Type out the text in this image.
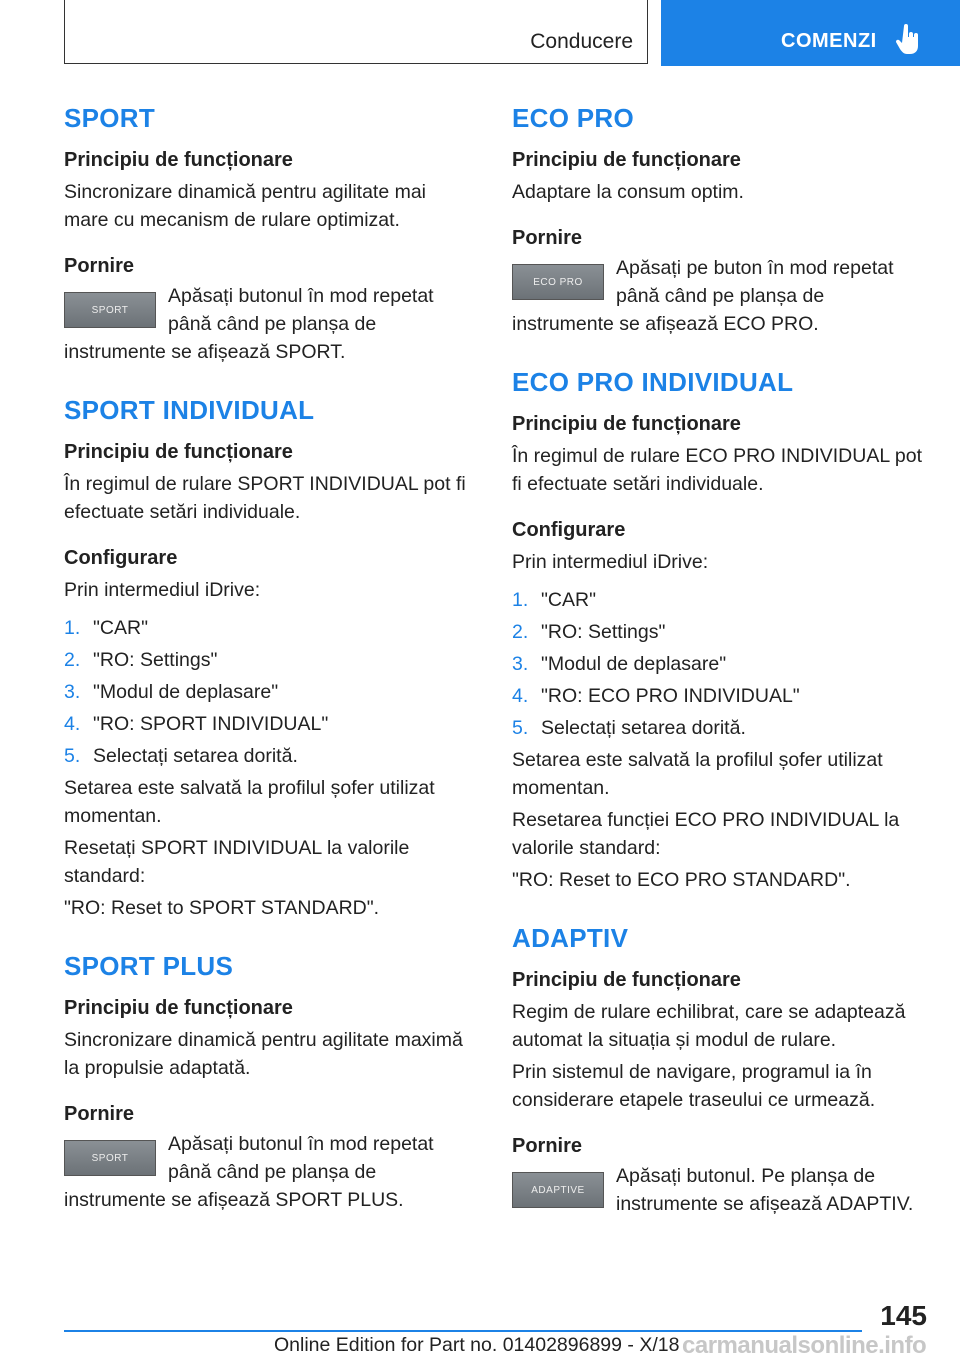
Conducere	COMENZI
SPORT
Principiu de funcționare

Sincronizare dinamică pentru agilitate mai mare cu mecanism de rulare optimizat.

Pornire
SPORT

Apăsați butonul în mod repetat până când pe planșa de instrumente se afișează SPORT.

SPORT INDIVIDUAL
Principiu de funcționare

În regimul de rulare SPORT INDIVIDUAL pot fi efectuate setări individuale.

Configurare

Prin intermediul iDrive:

1. "CAR"
2. "RO: Settings"
3. "Modul de deplasare"
4. "RO: SPORT INDIVIDUAL"
5. Selectați setarea dorită.

Setarea este salvată la profilul șofer utilizat momentan.

Resetați SPORT INDIVIDUAL la valorile standard:

"RO: Reset to SPORT STANDARD".

SPORT PLUS
Principiu de funcționare

Sincronizare dinamică pentru agilitate maximă la propulsie adaptată.

Pornire
SPORT

Apăsați butonul în mod repetat până când pe planșa de instrumente se afișează SPORT PLUS.

ECO PRO
Principiu de funcționare

Adaptare la consum optim.

Pornire
ECO PRO

Apăsați pe buton în mod repetat până când pe planșa de instrumente se afișează ECO PRO.

ECO PRO INDIVIDUAL
Principiu de funcționare

În regimul de rulare ECO PRO INDIVIDUAL pot fi efectuate setări individuale.

Configurare

Prin intermediul iDrive:

1. "CAR"
2. "RO: Settings"
3. "Modul de deplasare"
4. "RO: ECO PRO INDIVIDUAL"
5. Selectați setarea dorită.

Setarea este salvată la profilul șofer utilizat momentan.

Resetarea funcției ECO PRO INDIVIDUAL la valorile standard:

"RO: Reset to ECO PRO STANDARD".

ADAPTIV
Principiu de funcționare

Regim de rulare echilibrat, care se adaptează automat la situația și modul de rulare.

Prin sistemul de navigare, programul ia în considerare etapele traseului ce urmează.

Pornire
ADAPTIVE

Apăsați butonul. Pe planșa de instrumente se afișează ADAPTIV.

145
Online Edition for Part no. 01402896899 - X/18 carmanualsonline.info
